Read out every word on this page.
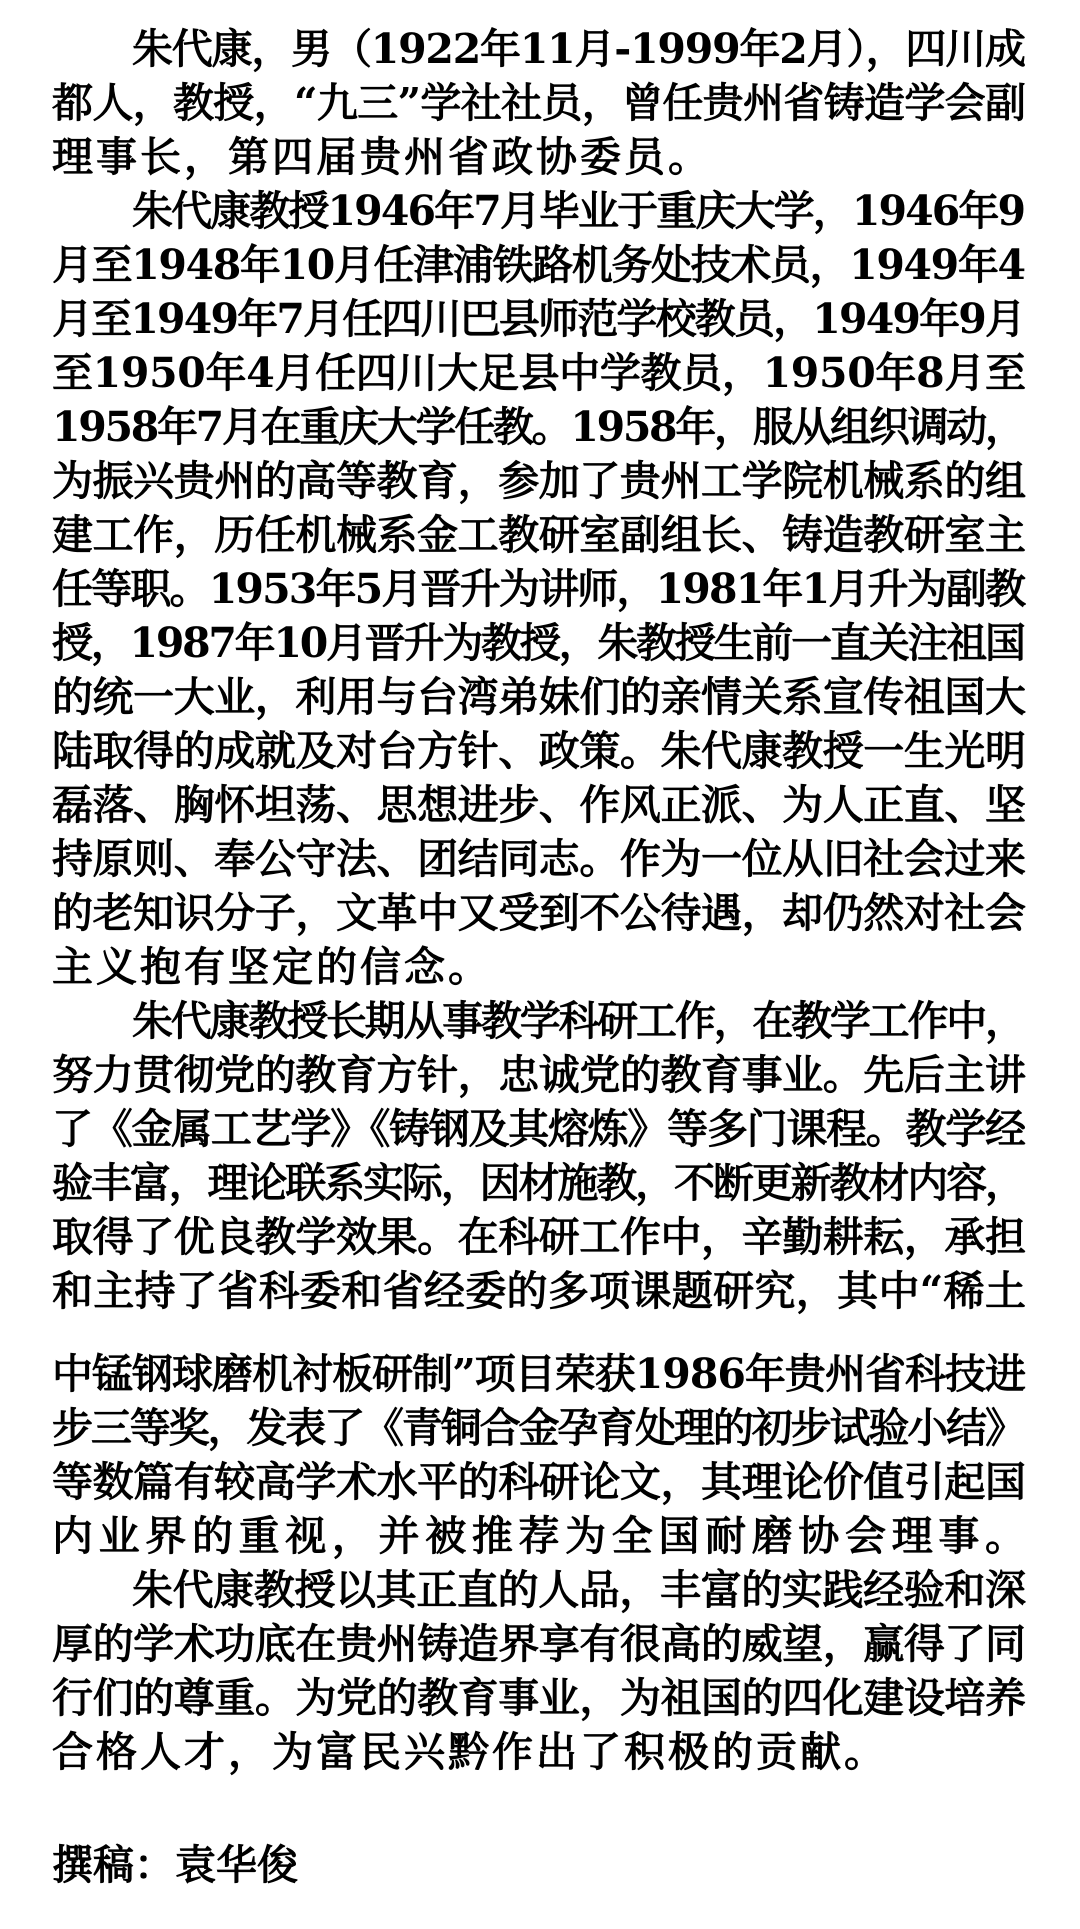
朱代康，男（1922年11月-1999年2月），四川成
都人，教授，“九三”学社社员，曾任贵州省铸造学会副
理事长，第四届贵州省政协委员。
朱代康教授1946年7月毕业于重庆大学，1946年9
月至1948年10月任津浦铁路机务处技术员，1949年4
月至1949年7月任四川巴县师范学校教员，1949年9月
至1950年4月任四川大足县中学教员，1950年8月至
1958年7月在重庆大学任教。1958年，服从组织调动，
为振兴贵州的高等教育，参加了贵州工学院机械系的组
建工作，历任机械系金工教研室副组长、铸造教研室主
任等职。1953年5月晋升为讲师，1981年1月升为副教
授，1987年10月晋升为教授，朱教授生前一直关注祖国
的统一大业，利用与台湾弟妹们的亲情关系宣传祖国大
陆取得的成就及对台方针、政策。朱代康教授一生光明
磊落、胸怀坦荡、思想进步、作风正派、为人正直、坚
持原则、奉公守法、团结同志。作为一位从旧社会过来
的老知识分子，文革中又受到不公待遇，却仍然对社会
主义抱有坚定的信念。
朱代康教授长期从事教学科研工作，在教学工作中，
努力贯彻党的教育方针，忠诚党的教育事业。先后主讲
了《金属工艺学》《铸钢及其熔炼》等多门课程。教学经
验丰富，理论联系实际，因材施教，不断更新教材内容，
取得了优良教学效果。在科研工作中，辛勤耕耘，承担
和主持了省科委和省经委的多项课题研究，其中“稀土
中锰钢球磨机衬板研制”项目荣获1986年贵州省科技进
步三等奖，发表了《青铜合金孕育处理的初步试验小结》
等数篇有较高学术水平的科研论文，其理论价值引起国
内业界的重视，并被推荐为全国耐磨协会理事。
朱代康教授以其正直的人品，丰富的实践经验和深
厚的学术功底在贵州铸造界享有很高的威望，赢得了同
行们的尊重。为党的教育事业，为祖国的四化建设培养
合格人才，为富民兴黔作出了积极的贡献。
撰稿：袁华俊
